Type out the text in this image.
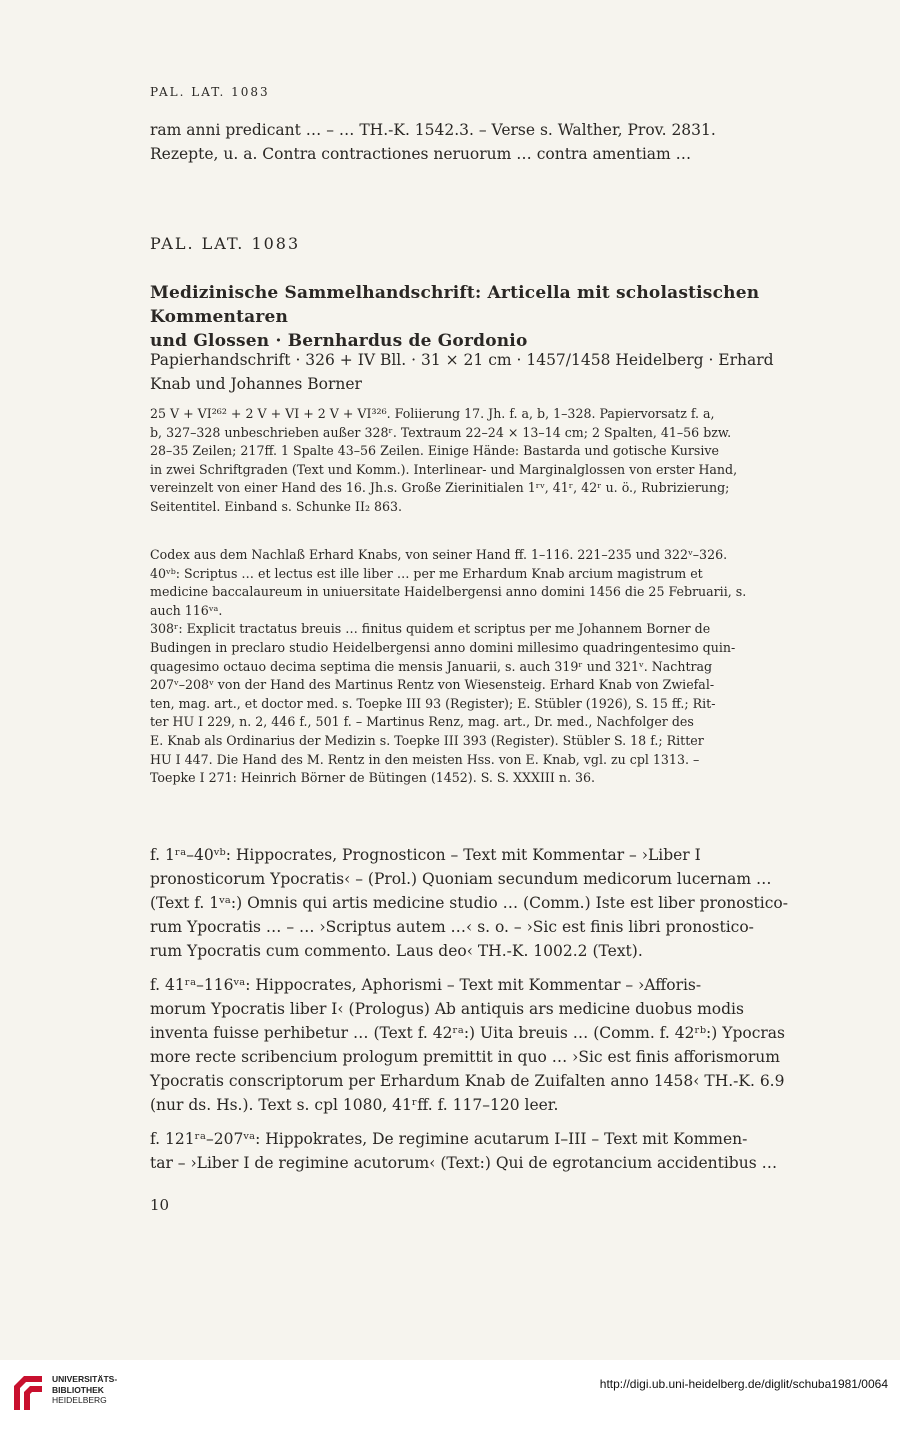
PAL. LAT. 1083
ram anni predicant … – … TH.-K. 1542.3. – Verse s. Walther, Prov. 2831.
Rezepte, u. a. Contra contractiones neruorum … contra amentiam …
PAL. LAT. 1083
Medizinische Sammelhandschrift: Articella mit scholastischen Kommentaren
und Glossen · Bernhardus de Gordonio
Papierhandschrift · 326 + IV Bll. · 31 × 21 cm · 1457/1458 Heidelberg · Erhard
Knab und Johannes Borner
25 V + VI²⁶² + 2 V + VI + 2 V + VI³²⁶. Foliierung 17. Jh. f. a, b, 1–328. Papiervorsatz f. a,
b, 327–328 unbeschrieben außer 328ʳ. Textraum 22–24 × 13–14 cm; 2 Spalten, 41–56 bzw.
28–35 Zeilen; 217ff. 1 Spalte 43–56 Zeilen. Einige Hände: Bastarda und gotische Kursive
in zwei Schriftgraden (Text und Komm.). Interlinear- und Marginalglossen von erster Hand,
vereinzelt von einer Hand des 16. Jh.s. Große Zierinitialen 1ʳᵛ, 41ʳ, 42ʳ u. ö., Rubrizierung;
Seitentitel. Einband s. Schunke II₂ 863.
Codex aus dem Nachlaß Erhard Knabs, von seiner Hand ff. 1–116. 221–235 und 322ᵛ–326.
40ᵛᵇ: Scriptus … et lectus est ille liber … per me Erhardum Knab arcium magistrum et
medicine baccalaureum in uniuersitate Haidelbergensi anno domini 1456 die 25 Februarii, s.
auch 116ᵛᵃ.
308ʳ: Explicit tractatus breuis … finitus quidem et scriptus per me Johannem Borner de
Budingen in preclaro studio Heidelbergensi anno domini millesimo quadringentesimo quin-
quagesimo octauo decima septima die mensis Januarii, s. auch 319ʳ und 321ᵛ. Nachtrag
207ᵛ–208ᵛ von der Hand des Martinus Rentz von Wiesensteig. Erhard Knab von Zwiefal-
ten, mag. art., et doctor med. s. Toepke III 93 (Register); E. Stübler (1926), S. 15 ff.; Rit-
ter HU I 229, n. 2, 446 f., 501 f. – Martinus Renz, mag. art., Dr. med., Nachfolger des
E. Knab als Ordinarius der Medizin s. Toepke III 393 (Register). Stübler S. 18 f.; Ritter
HU I 447. Die Hand des M. Rentz in den meisten Hss. von E. Knab, vgl. zu cpl 1313. –
Toepke I 271: Heinrich Börner de Bütingen (1452). S. S. XXXIII n. 36.
f. 1ʳᵃ–40ᵛᵇ: Hippocrates, Prognosticon – Text mit Kommentar – ›Liber I
pronosticorum Ypocratis‹ – (Prol.) Quoniam secundum medicorum lucernam …
(Text f. 1ᵛᵃ:) Omnis qui artis medicine studio … (Comm.) Iste est liber pronostico-
rum Ypocratis … – … ›Scriptus autem …‹ s. o. – ›Sic est finis libri pronostico-
rum Ypocratis cum commento. Laus deo‹ TH.-K. 1002.2 (Text).
f. 41ʳᵃ–116ᵛᵃ: Hippocrates, Aphorismi – Text mit Kommentar – ›Afforis-
morum Ypocratis liber I‹ (Prologus) Ab antiquis ars medicine duobus modis
inventa fuisse perhibetur … (Text f. 42ʳᵃ:) Uita breuis … (Comm. f. 42ʳᵇ:) Ypocras
more recte scribencium prologum premittit in quo … ›Sic est finis afforismorum
Ypocratis conscriptorum per Erhardum Knab de Zuifalten anno 1458‹ TH.-K. 6.9
(nur ds. Hs.). Text s. cpl 1080, 41ʳff. f. 117–120 leer.
f. 121ʳᵃ–207ᵛᵃ: Hippokrates, De regimine acutarum I–III – Text mit Kommen-
tar – ›Liber I de regimine acutorum‹ (Text:) Qui de egrotancium accidentibus …
10
UNIVERSITÄTS-
BIBLIOTHEK
HEIDELBERG
http://digi.ub.uni-heidelberg.de/diglit/schuba1981/0064
